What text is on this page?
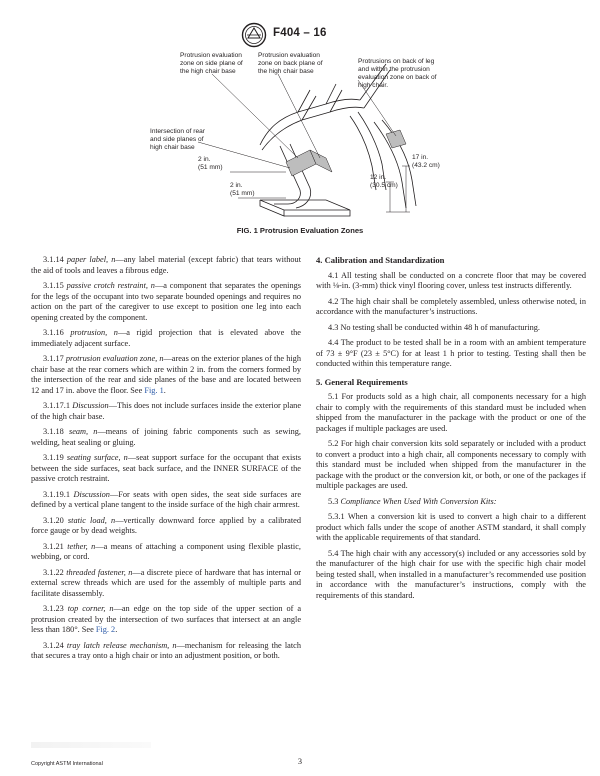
F404 – 16
Protrusion evaluation
zone on side plane of
the high chair base
Protrusion evaluation
zone on back plane of
the high chair base
Protrusions on back of leg
and within the protrusion
evaluation zone on back of
high chair.
Intersection of rear
and side planes of
high chair base
2 in.
(51 mm)
2 in.
(51 mm)
17 in.
(43.2 cm)
12 in.
(30.5 cm)
FIG. 1 Protrusion Evaluation Zones

3.1.14 paper label, n—any label material (except fabric) that tears without the aid of tools and leaves a fibrous edge.

3.1.15 passive crotch restraint, n—a component that separates the openings for the legs of the occupant into two separate bounded openings and requires no action on the part of the caregiver to use except to position one leg into each opening created by the component.

3.1.16 protrusion, n—a rigid projection that is elevated above the immediately adjacent surface.

3.1.17 protrusion evaluation zone, n—areas on the exterior planes of the high chair base at the rear corners which are within 2 in. from the corners formed by the intersection of the rear and side planes of the base and are located between 12 and 17 in. above the floor. See Fig. 1.

3.1.17.1 Discussion—This does not include surfaces inside the exterior plane of the high chair base.

3.1.18 seam, n—means of joining fabric components such as sewing, welding, heat sealing or gluing.

3.1.19 seating surface, n—seat support surface for the occupant that exists between the side surfaces, seat back surface, and the INNER SURFACE of the passive crotch restraint.

3.1.19.1 Discussion—For seats with open sides, the seat side surfaces are defined by a vertical plane tangent to the inside surface of the high chair armrest.

3.1.20 static load, n—vertically downward force applied by a calibrated force gauge or by dead weights.

3.1.21 tether, n—a means of attaching a component using flexible plastic, webbing, or cord.

3.1.22 threaded fastener, n—a discrete piece of hardware that has internal or external screw threads which are used for the assembly of multiple parts and facilitate disassembly.

3.1.23 top corner, n—an edge on the top side of the upper section of a protrusion created by the intersection of two surfaces that intersect at an angle less than 180°. See Fig. 2.

3.1.24 tray latch release mechanism, n—mechanism for releasing the latch that secures a tray onto a high chair or into an adjustment position, or both.

4. Calibration and Standardization

4.1 All testing shall be conducted on a concrete floor that may be covered with ⅛-in. (3-mm) thick vinyl flooring cover, unless test instructs differently.

4.2 The high chair shall be completely assembled, unless otherwise noted, in accordance with the manufacturer’s instructions.

4.3 No testing shall be conducted within 48 h of manufacturing.

4.4 The product to be tested shall be in a room with an ambient temperature of 73 ± 9°F (23 ± 5°C) for at least 1 h prior to testing. Testing shall then be conducted within this temperature range.

5. General Requirements

5.1 For products sold as a high chair, all components necessary for a high chair to comply with the requirements of this standard must be included when shipped from the manufacturer in the package with the product or one of the packages if multiple packages are used.

5.2 For high chair conversion kits sold separately or included with a product to convert a product into a high chair, all components necessary to comply with this standard must be included when shipped from the manufacturer in the package with the product or the conversion kit, or both, or one of the packages if multiple packages are used.

5.3 Compliance When Used With Conversion Kits:

5.3.1 When a conversion kit is used to convert a high chair to a different product which falls under the scope of another ASTM standard, it shall comply with the applicable requirements of that standard.

5.4 The high chair with any accessory(s) included or any accessories sold by the manufacturer of the high chair for use with the specific high chair model being tested shall, when installed in a manufacturer’s recommended use position in accordance with the manufacturer’s instructions, comply with the requirements of this standard.

Copyright ASTM International	3
